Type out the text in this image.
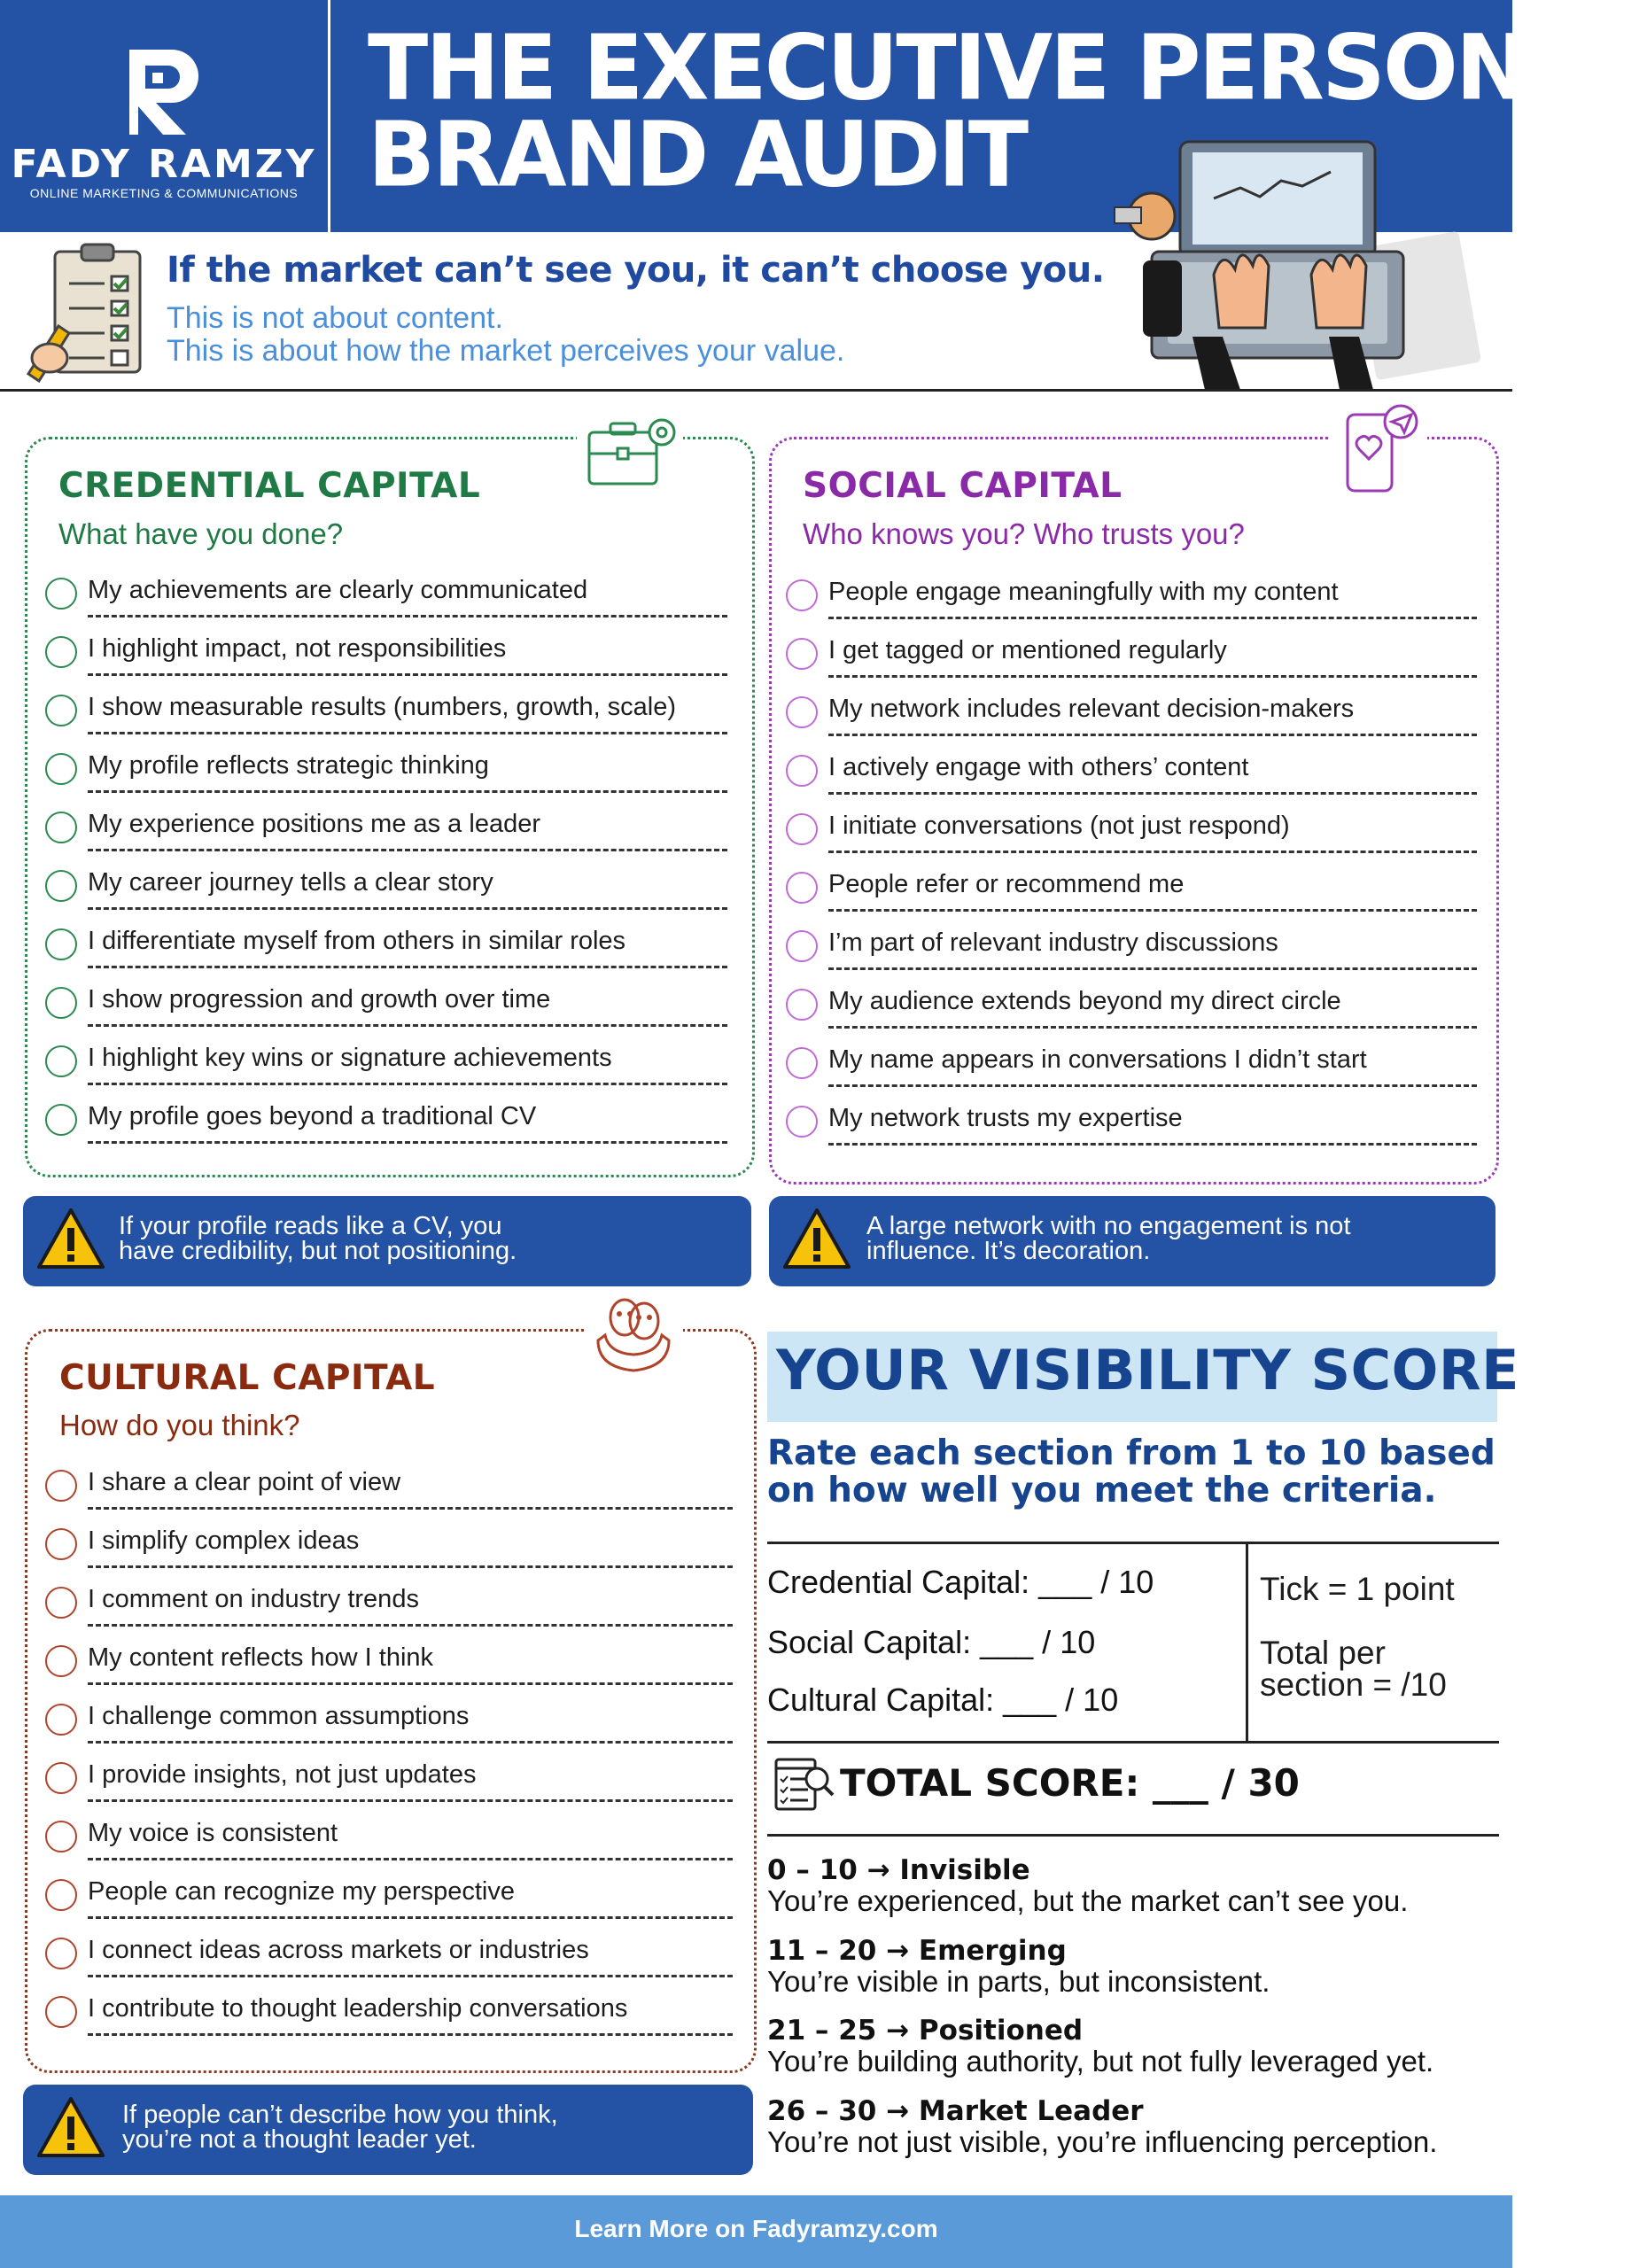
FADY RAMZY
ONLINE MARKETING & COMMUNICATIONS
THE EXECUTIVE PERSONAL
BRAND AUDIT
If the market can’t see you, it can’t choose you.
This is not about content.
This is about how the market perceives your value.
CREDENTIAL CAPITAL
What have you done?
My achievements are clearly communicated
I highlight impact, not responsibilities
I show measurable results (numbers, growth, scale)
My profile reflects strategic thinking
My experience positions me as a leader
My career journey tells a clear story
I differentiate myself from others in similar roles
I show progression and growth over time
I highlight key wins or signature achievements
My profile goes beyond a traditional CV
SOCIAL CAPITAL
Who knows you? Who trusts you?
People engage meaningfully with my content
I get tagged or mentioned regularly
My network includes relevant decision-makers
I actively engage with others’ content
I initiate conversations (not just respond)
People refer or recommend me
I’m part of relevant industry discussions
My audience extends beyond my direct circle
My name appears in conversations I didn’t start
My network trusts my expertise
If your profile reads like a CV, you
have credibility, but not positioning.
A large network with no engagement is not
influence. It’s decoration.
CULTURAL CAPITAL
How do you think?
I share a clear point of view
I simplify complex ideas
I comment on industry trends
My content reflects how I think
I challenge common assumptions
I provide insights, not just updates
My voice is consistent
People can recognize my perspective
I connect ideas across markets or industries
I contribute to thought leadership conversations
If people can’t describe how you think,
you’re not a thought leader yet.
YOUR VISIBILITY SCORE
Rate each section from 1 to 10 based on how well you meet the criteria.
Credential Capital: ___ / 10
Social Capital: ___ / 10
Cultural Capital: ___ / 10
Tick = 1 point
Total per section = /10
TOTAL SCORE: ___ / 30
0 – 10 → Invisible
You’re experienced, but the market can’t see you.
11 – 20 → Emerging
You’re visible in parts, but inconsistent.
21 – 25 → Positioned
You’re building authority, but not fully leveraged yet.
26 – 30 → Market Leader
You’re not just visible, you’re influencing perception.
Learn More on Fadyramzy.com
